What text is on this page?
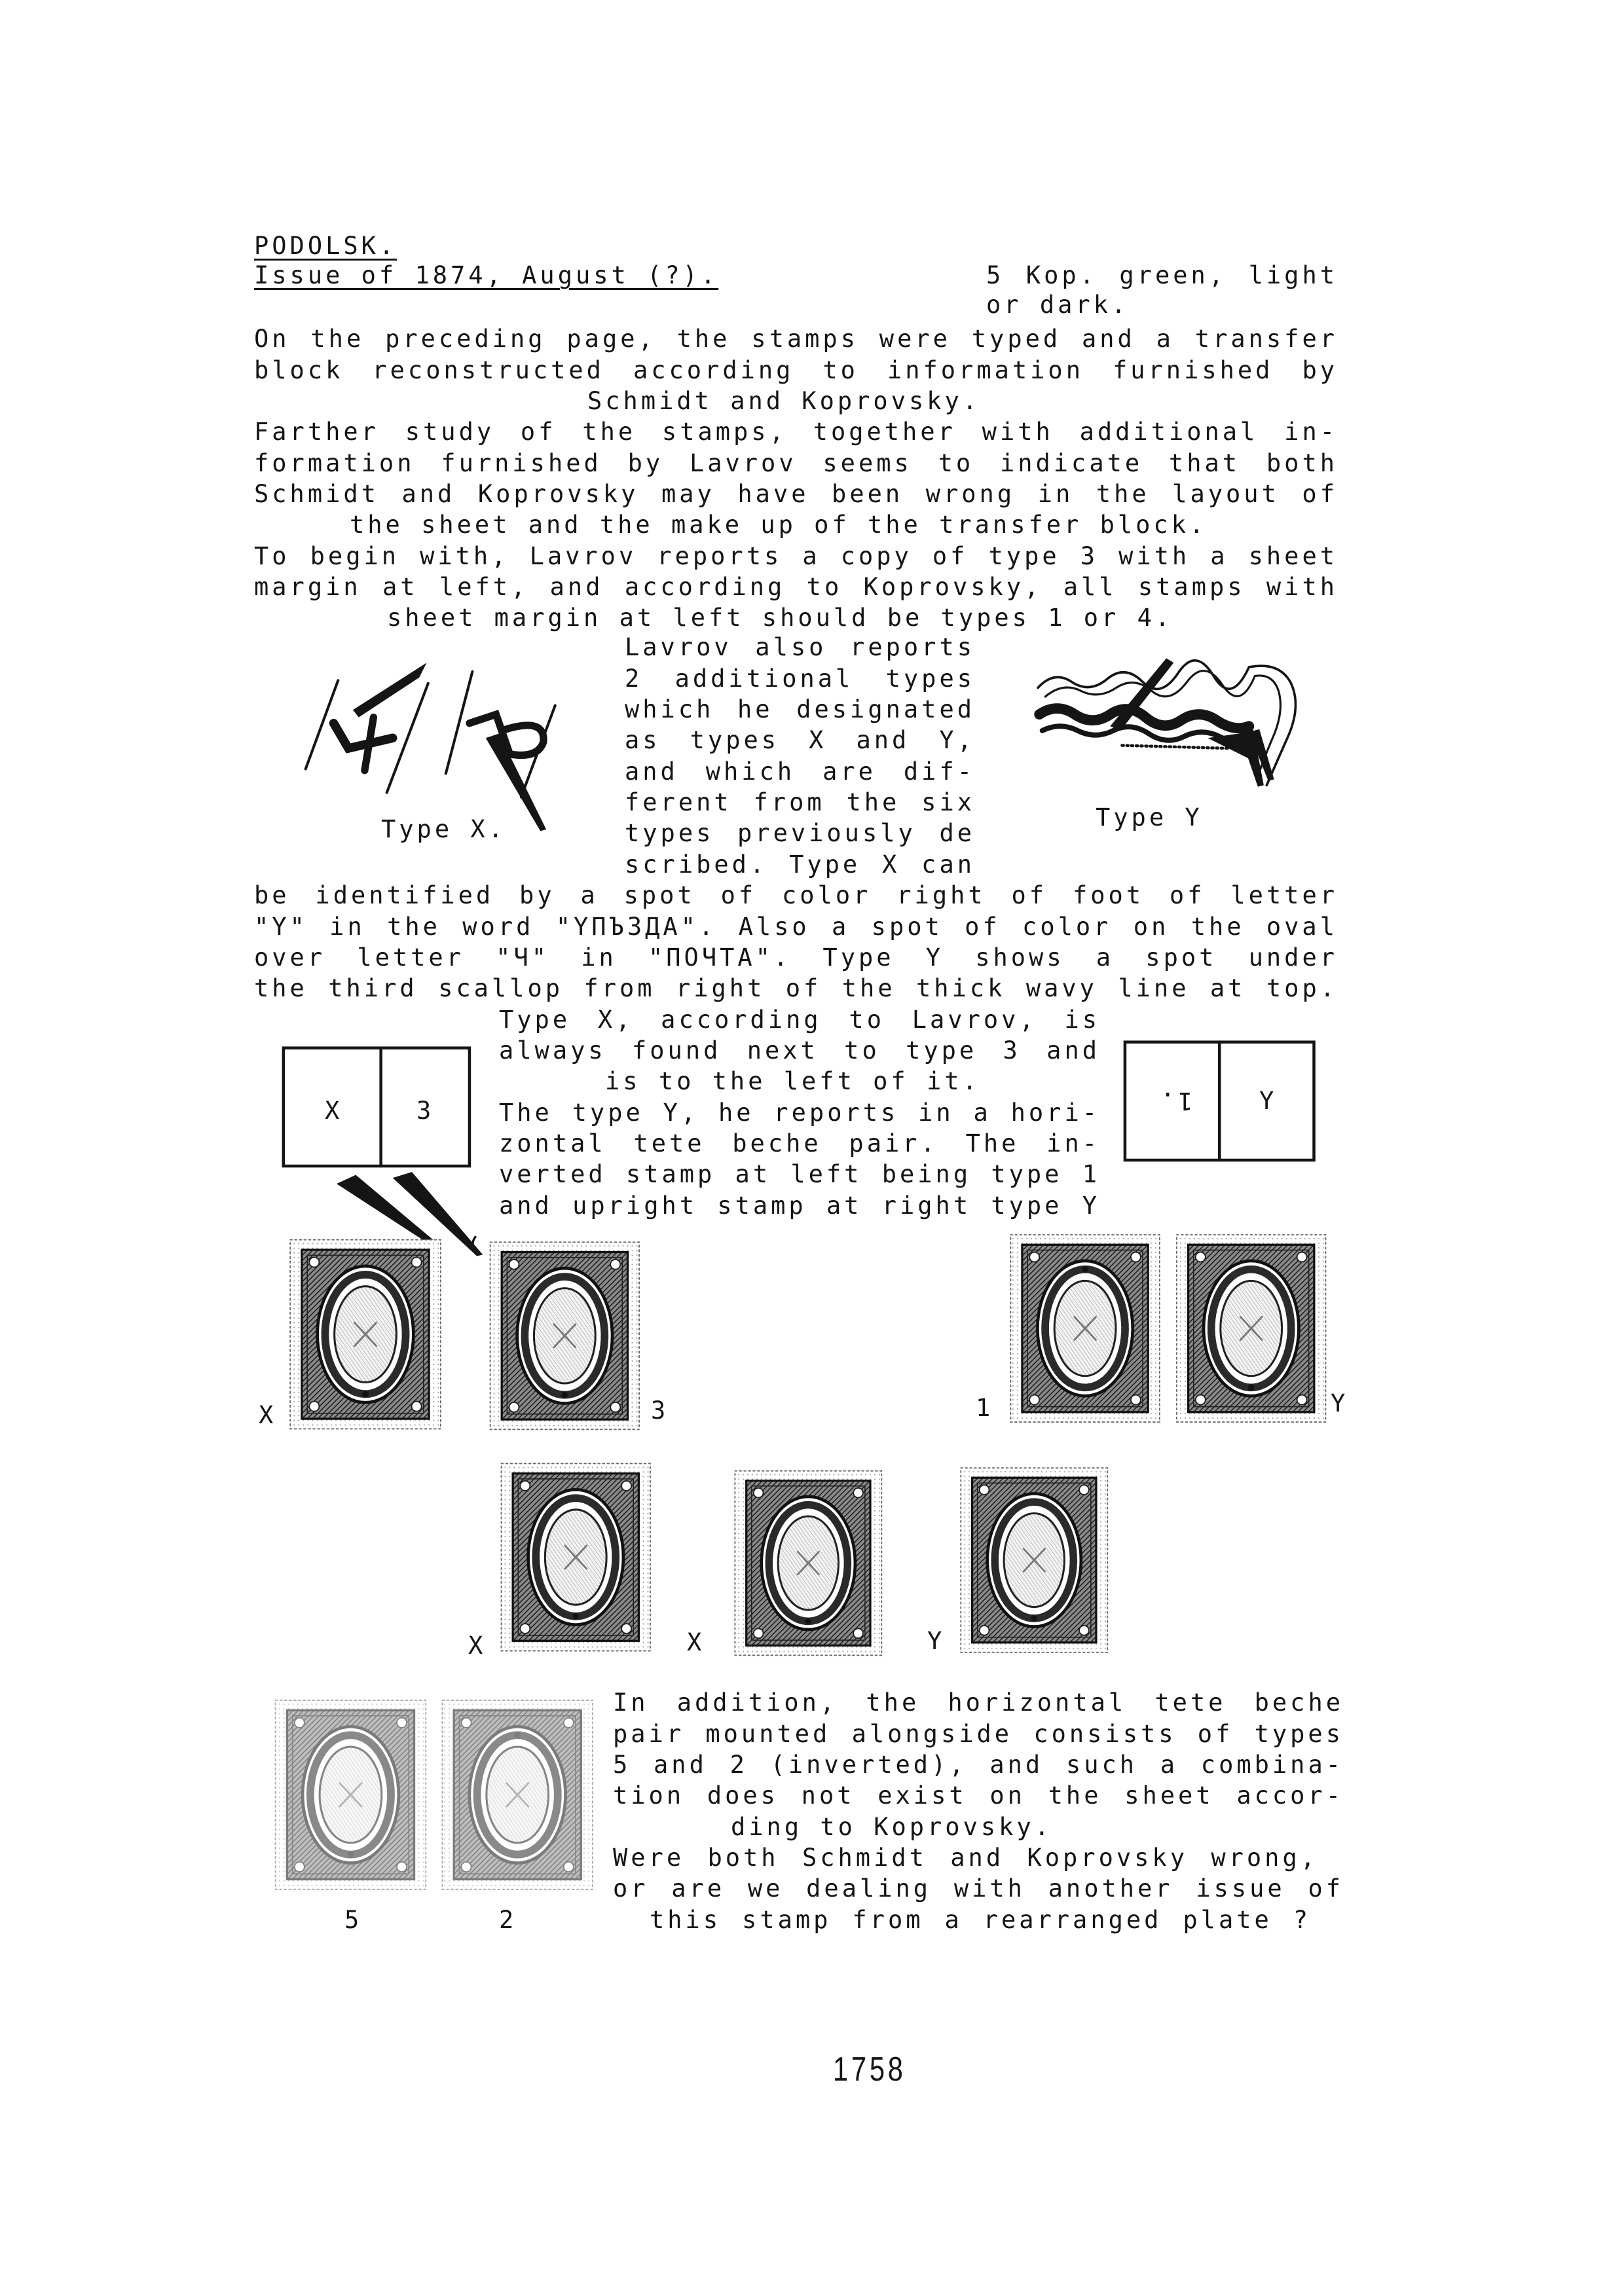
PODOLSK.
Issue of 1874, August (?).	5 Kop. green, light
or dark.
On the preceding page, the stamps were typed and a transfer
block reconstructed according to information furnished by
Schmidt and Koprovsky.
Farther study of the stamps, together with additional in-
formation furnished by Lavrov seems to indicate that both
Schmidt and Koprovsky may have been wrong in the layout of
the sheet and the make up of the transfer block.
To begin with, Lavrov reports a copy of type 3 with a sheet
margin at left, and according to Koprovsky, all stamps with
sheet margin at left should be types 1 or 4.
Lavrov also reports
2 additional types
which he designated
as types X and Y,
and which are dif-
ferent from the six
types previously de
scribed. Type X can
Type X.	Type Y
be identified by a spot of color right of foot of letter
"Y" in the word "YПЪЗДА". Also a spot of color on the oval
over letter "Ч" in "ПОЧТА". Type Y shows a spot under
the third scallop from right of the thick wavy line at top.
Type X, according to Lavrov, is
always found next to type 3 and
is to the left of it.
The type Y, he reports in a hori-
zontal tete beche pair. The in-
verted stamp at left being type 1
and upright stamp at right type Y
X	3	1.	Y
X	3	1	Y
X	X	Y
5	2
In addition, the horizontal tete beche
pair mounted alongside consists of types
5 and 2 (inverted), and such a combina-
tion does not exist on the sheet accor-
ding to Koprovsky.
Were both Schmidt and Koprovsky wrong,
or are we dealing with another issue of
this stamp from a rearranged plate ?
1758
